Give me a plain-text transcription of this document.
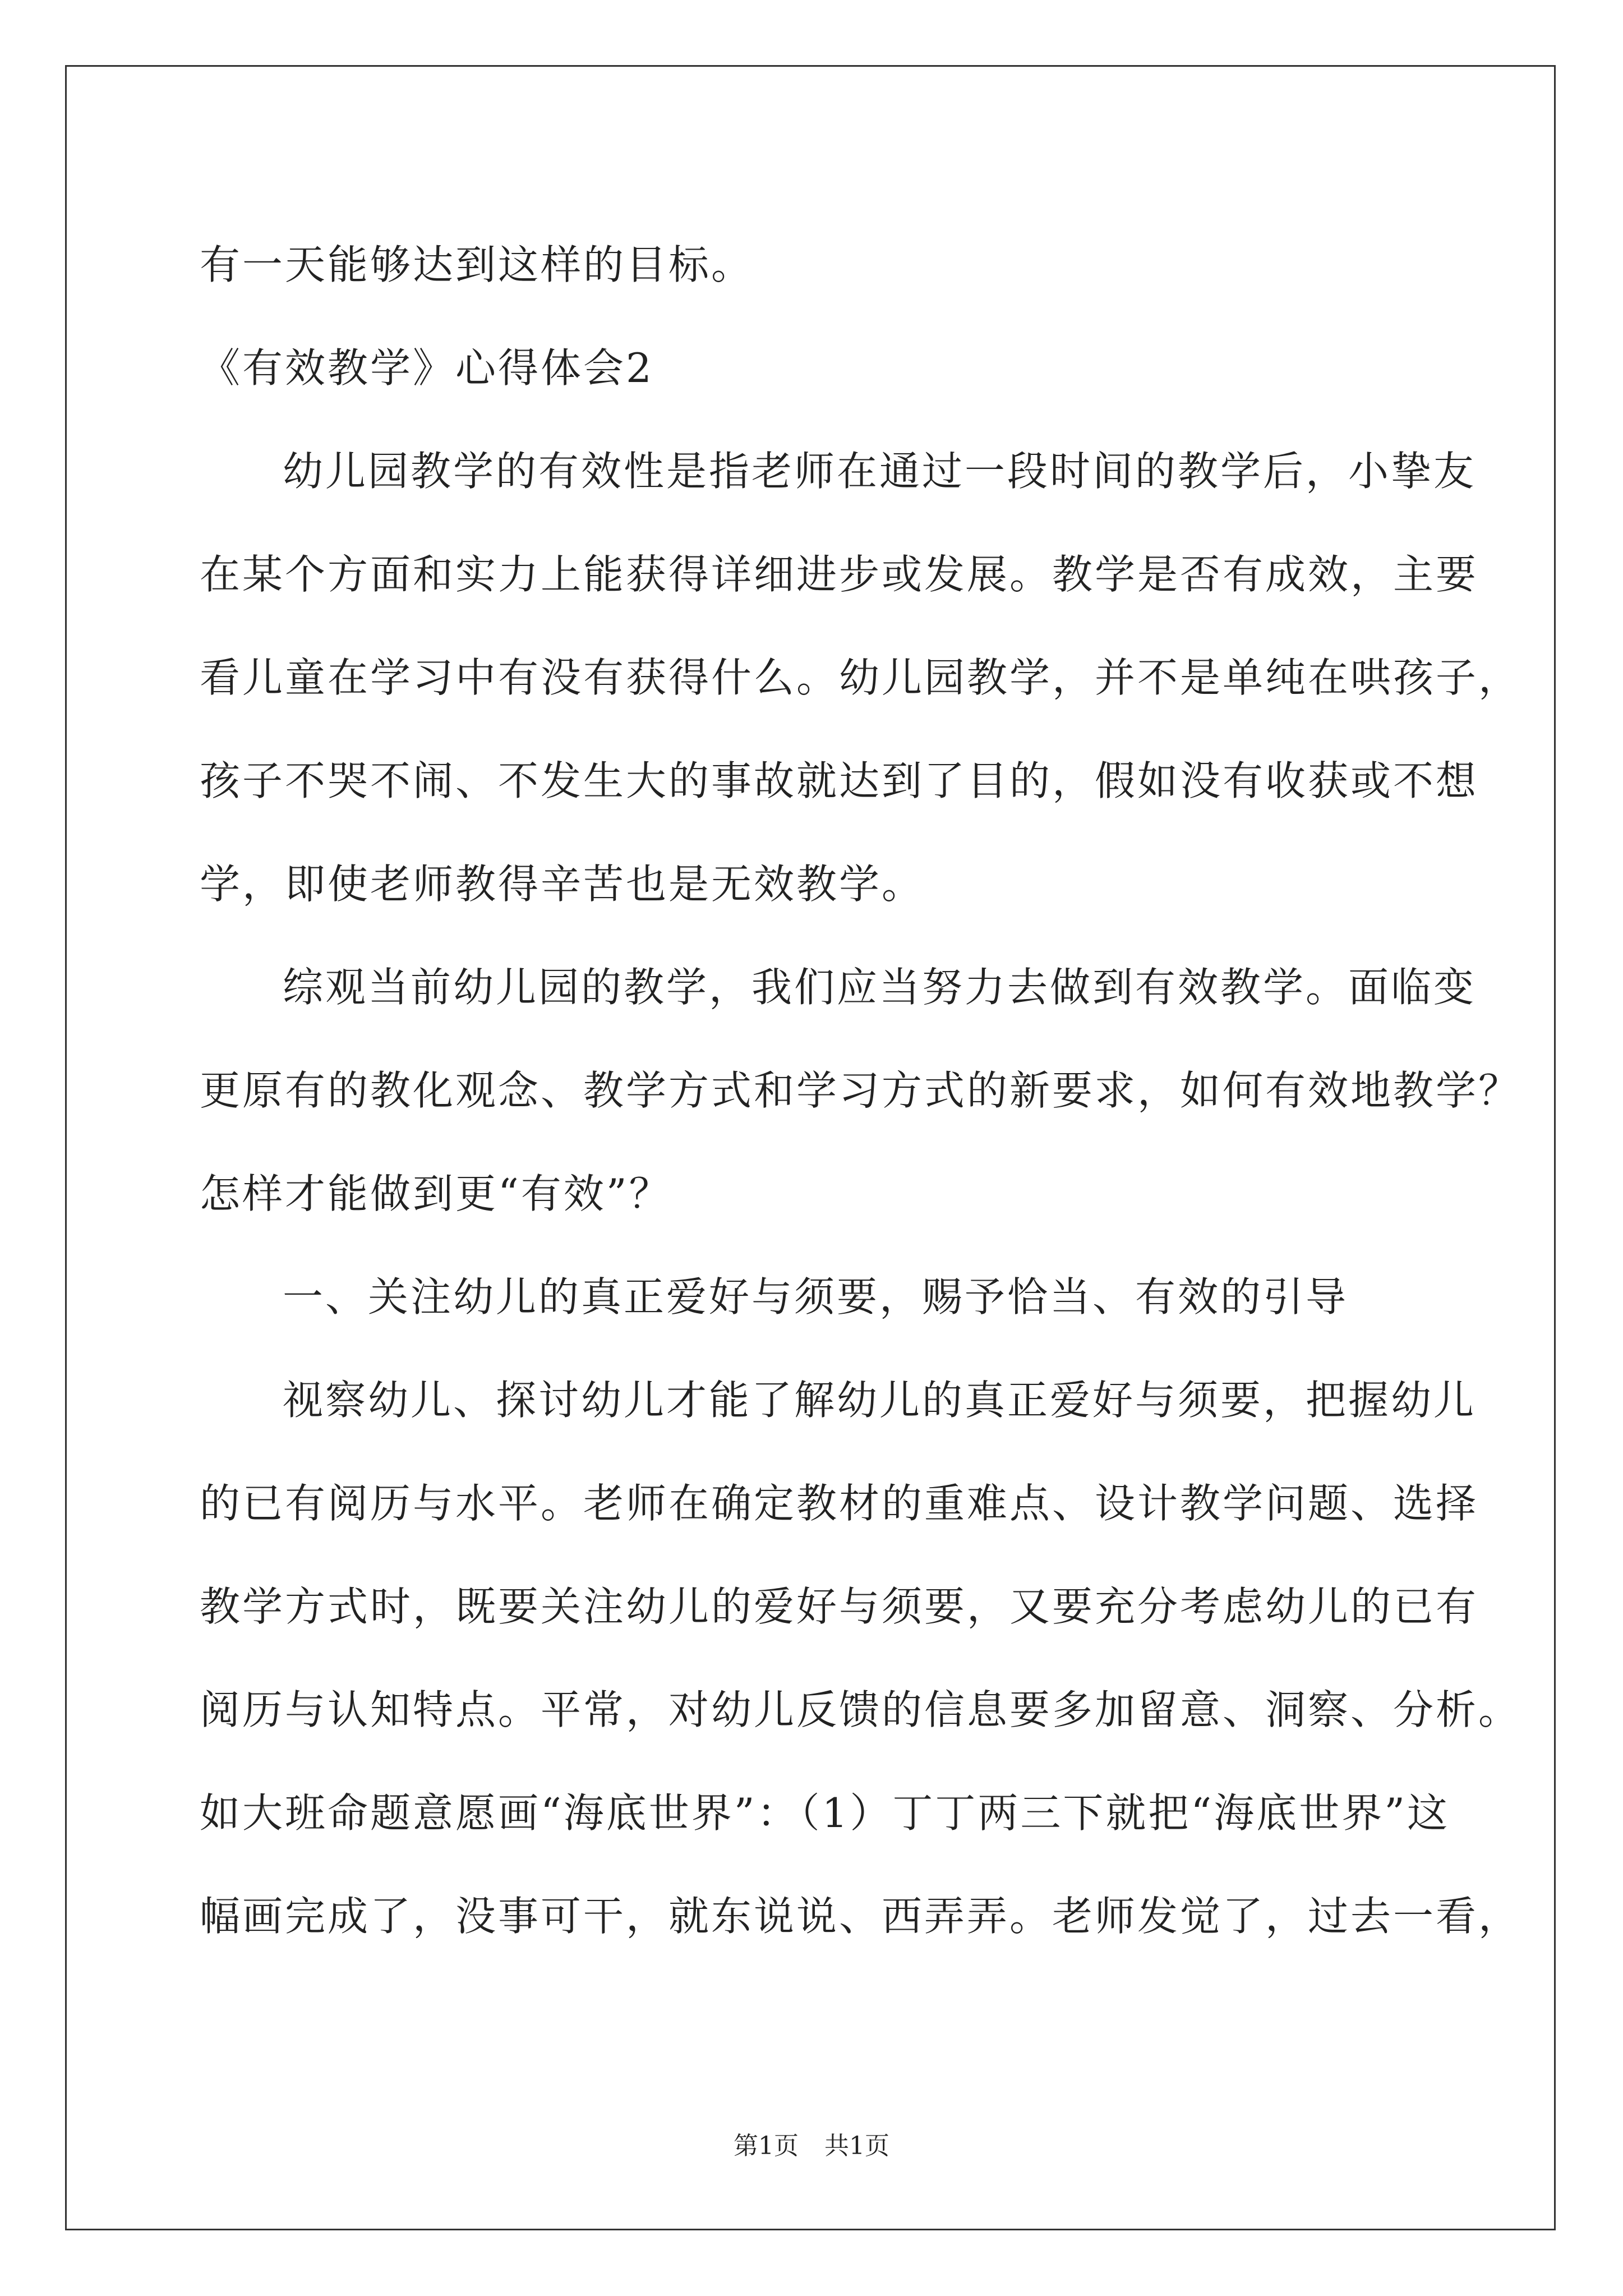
有一天能够达到这样的目标。
《有效教学》心得体会2
幼儿园教学的有效性是指老师在通过一段时间的教学后，小挚友
在某个方面和实力上能获得详细进步或发展。教学是否有成效，主要
看儿童在学习中有没有获得什么。幼儿园教学，并不是单纯在哄孩子，
孩子不哭不闹、不发生大的事故就达到了目的，假如没有收获或不想
学，即使老师教得辛苦也是无效教学。
综观当前幼儿园的教学，我们应当努力去做到有效教学。面临变
更原有的教化观念、教学方式和学习方式的新要求，如何有效地教学？
怎样才能做到更“有效”？
一、关注幼儿的真正爱好与须要，赐予恰当、有效的引导
视察幼儿、探讨幼儿才能了解幼儿的真正爱好与须要，把握幼儿
的已有阅历与水平。老师在确定教材的重难点、设计教学问题、选择
教学方式时，既要关注幼儿的爱好与须要，又要充分考虑幼儿的已有
阅历与认知特点。平常，对幼儿反馈的信息要多加留意、洞察、分析。
如大班命题意愿画“海底世界”：（1）丁丁两三下就把“海底世界”这
幅画完成了，没事可干，就东说说、西弄弄。老师发觉了，过去一看，
第1页 共1页
